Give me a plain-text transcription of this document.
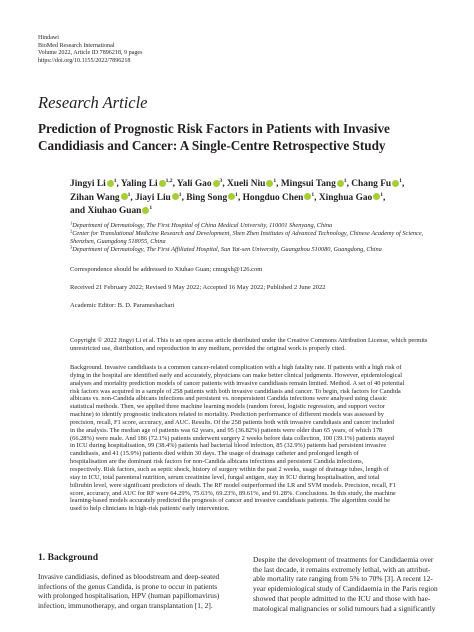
Hindawi
BioMed Research International
Volume 2022, Article ID 7896218, 9 pages
https://doi.org/10.1155/2022/7896218
Research Article
Prediction of Prognostic Risk Factors in Patients with Invasive
Candidiasis and Cancer: A Single-Centre Retrospective Study
Jingyi Li $^1$, Yaling Li $^{1,2}$, Yali Gao $^3$, Xueli Niu $^1$, Mingsui Tang $^1$, Chang Fu $^1$,
Zihan Wang $^1$, Jiayi Liu $^1$, Bing Song $^1$, Hongduo Chen $^1$, Xinghua Gao $^1$,
and Xiuhao Guan $^1$
$^1$Department of Dermatology, The First Hospital of China Medical University, 110001 Shenyang, China
$^2$Center for Translational Medicine Research and Development, Shen Zhen Institutes of Advanced Technology, Chinese Academy of Science, Shenzhen, Guangdong 518055, China
$^3$Department of Dermatology, The First Affiliated Hospital, Sun Yat-sen University, Guangzhou 510080, Guangdong, China
Correspondence should be addressed to Xiuhao Guan; cmugxh@126.com
Received 21 February 2022; Revised 9 May 2022; Accepted 16 May 2022; Published 2 June 2022
Academic Editor: B. D. Parameshachari
Copyright © 2022 Jingyi Li et al. This is an open access article distributed under the Creative Commons Attribution License, which permits unrestricted use, distribution, and reproduction in any medium, provided the original work is properly cited.
Background. Invasive candidiasis is a common cancer-related complication with a high fatality rate. If patients with a high risk of
dying in the hospital are identified early and accurately, physicians can make better clinical judgments. However, epidemiological
analyses and mortality prediction models of cancer patients with invasive candidiasis remain limited. Method. A set of 40 potential
risk factors was acquired in a sample of 258 patients with both invasive candidiasis and cancer. To begin, risk factors for Candida
albicans vs. non-Candida albicans infections and persistent vs. nonpersistent Candida infections were analysed using classic
statistical methods. Then, we applied three machine learning models (random forest, logistic regression, and support vector
machine) to identify prognostic indicators related to mortality. Prediction performance of different models was assessed by
precision, recall, F1 score, accuracy, and AUC. Results. Of the 258 patients both with invasive candidiasis and cancer included
in the analysis. The median age of patients was 62 years, and 95 (36.82%) patients were older than 65 years, of which 178
(66.28%) were male. And 186 (72.1%) patients underwent surgery 2 weeks before data collection, 100 (39.1%) patients stayed
in ICU during hospitalisation, 99 (38.4%) patients had bacterial blood infection, 85 (32.9%) patients had persistent invasive
candidiasis, and 41 (15.9%) patients died within 30 days. The usage of drainage catheter and prolonged length of
hospitalisation are the dominant risk factors for non-Candida albicans infections and persistent Candida infections,
respectively. Risk factors, such as septic shock, history of surgery within the past 2 weeks, usage of drainage tubes, length of
stay in ICU, total parenteral nutrition, serum creatinine level, fungal antigen, stay in ICU during hospitalisation, and total
bilirubin level, were significant predictors of death. The RF model outperformed the LR and SVM models. Precision, recall, F1
score, accuracy, and AUC for RF were 64.29%, 75.63%, 69.23%, 89.61%, and 91.28%. Conclusions. In this study, the machine
learning-based models accurately predicted the prognosis of cancer and invasive candidiasis patients. The algorithm could be
used to help clinicians in high-risk patients' early intervention.
1. Background
Invasive candidiasis, defined as bloodstream and deep-seated
infections of the genus Candida, is prone to occur in patients
with prolonged hospitalisation, HPV (human papillomavirus)
infection, immunotherapy, and organ transplantation [1, 2].
Despite the development of treatments for Candidaemia over
the last decade, it remains extremely lethal, with an attribut-
able mortality rate ranging from 5% to 70% [3]. A recent 12-
year epidemiological study of Candidaemia in the Paris region
showed that people admitted to the ICU and those with hae-
matological malignancies or solid tumours had a significantly
